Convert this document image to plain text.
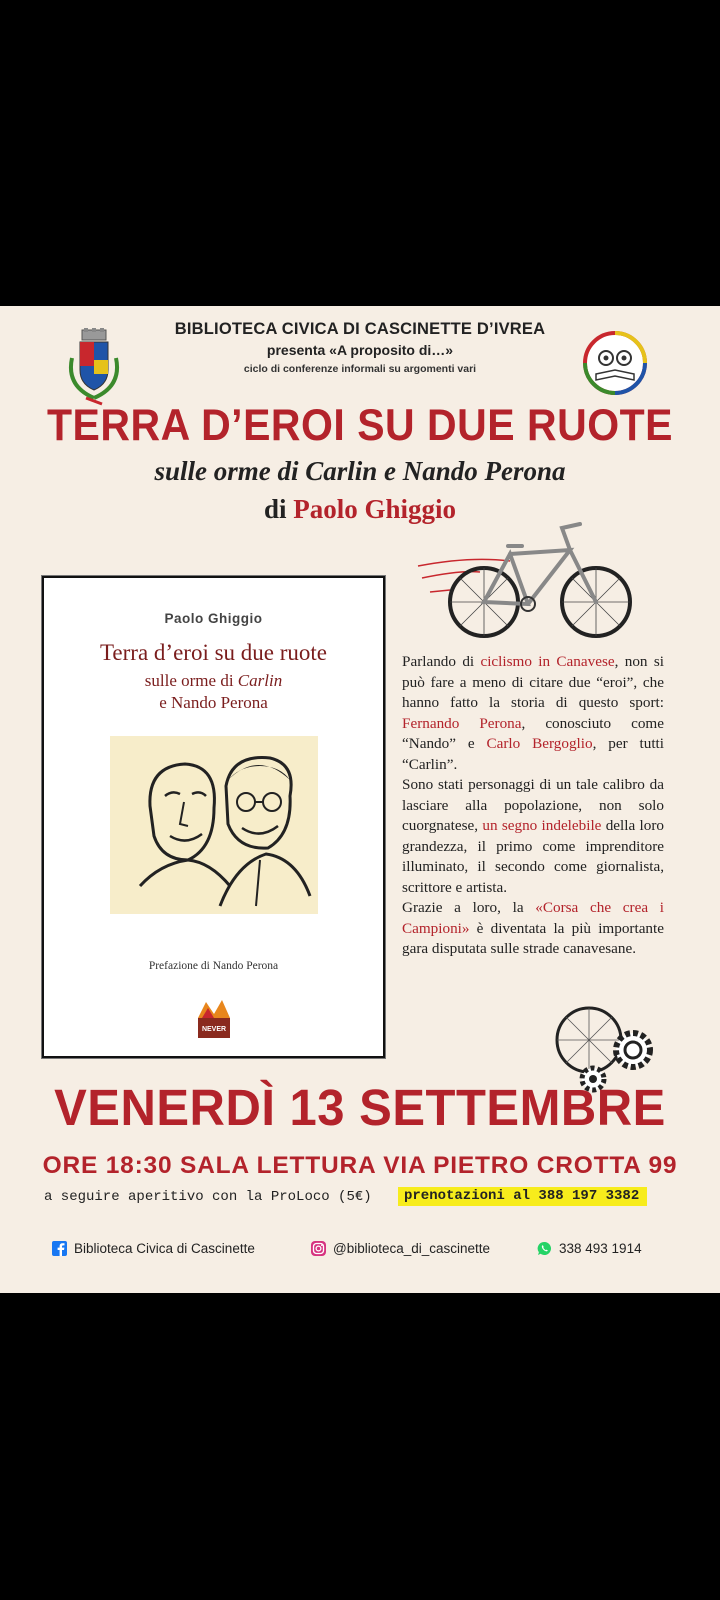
BIBLIOTECA CIVICA DI CASCINETTE D’IVREA
presenta «A proposito di…»
ciclo di conferenze informali su argomenti vari
TERRA D’EROI SU DUE RUOTE
sulle orme di Carlin e Nando Perona
di Paolo Ghiggio
Paolo Ghiggio
Terra d’eroi su due ruote
sulle orme di Carlin
e Nando Perona
Prefazione di Nando Perona
NEVER
Parlando di ciclismo in Canavese, non si può fare a meno di citare due “eroi”, che hanno fatto la storia di questo sport: Fernando Perona, conosciuto come “Nando” e Carlo Bergoglio, per tutti “Carlin”.
Sono stati personaggi di un tale calibro da lasciare alla popolazione, non solo cuorgnatese, un segno indelebile della loro grandezza, il primo come imprenditore illuminato, il secondo come giornalista, scrittore e artista.
Grazie a loro, la «Corsa che crea i Campioni» è diventata la più importante gara disputata sulle strade canavesane.
VENERDÌ 13 SETTEMBRE
ORE 18:30 SALA LETTURA VIA PIETRO CROTTA 99
a seguire aperitivo con la ProLoco (5€)	prenotazioni al 388 197 3382
Biblioteca Civica di Cascinette	@biblioteca_di_cascinette	338 493 1914
